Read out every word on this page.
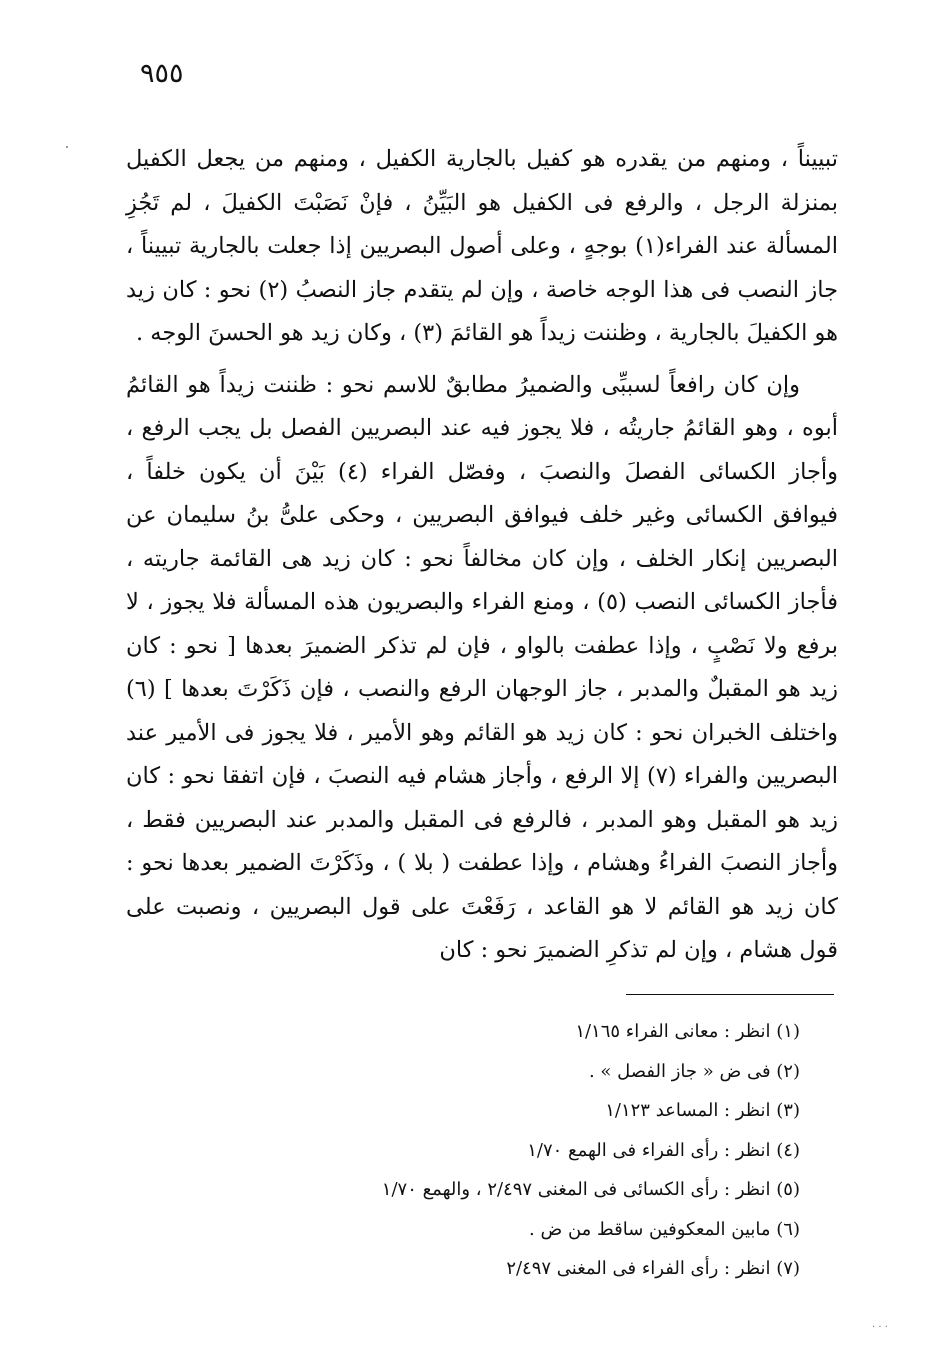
٩٥٥

تبييناً ، ومنهم من يقدره هو كفيل بالجارية الكفيل ، ومنهم من يجعل الكفيل بمنزلة الرجل ، والرفع فى الكفيل هو البَيِّنُ ، فإنْ نَصَبْتَ الكفيلَ ، لم تَجُزِ المسألة عند الفراء(١) بوجهٍ ، وعلى أصول البصريين إذا جعلت بالجارية تبييناً ، جاز النصب فى هذا الوجه خاصة ، وإن لم يتقدم جاز النصبُ (٢) نحو : كان زيد هو الكفيلَ بالجارية ، وظننت زيداً هو القائمَ (٣) ، وكان زيد هو الحسنَ الوجه .

وإن كان رافعاً لسببِّى والضميرُ مطابقٌ للاسم نحو : ظننت زيداً هو القائمُ أبوه ، وهو القائمُ جاريتُه ، فلا يجوز فيه عند البصريين الفصل بل يجب الرفع ، وأجاز الكسائى الفصلَ والنصبَ ، وفصّل الفراء (٤) بَيْنَ أن يكون خلفاً ، فيوافق الكسائى وغير خلف فيوافق البصريين ، وحكى علىُّ بنُ سليمان عن البصريين إنكار الخلف ، وإن كان مخالفاً نحو : كان زيد هى القائمة جاريته ، فأجاز الكسائى النصب (٥) ، ومنع الفراء والبصريون هذه المسألة فلا يجوز ، لا برفع ولا نَصْبٍ ، وإذا عطفت بالواو ، فإن لم تذكر الضميرَ بعدها [ نحو : كان زيد هو المقبلٌ والمدبر ، جاز الوجهان الرفع والنصب ، فإن ذَكَرْتَ بعدها ] (٦) واختلف الخبران نحو : كان زيد هو القائم وهو الأمير ، فلا يجوز فى الأمير عند البصريين والفراء (٧) إلا الرفع ، وأجاز هشام فيه النصبَ ، فإن اتفقا نحو : كان زيد هو المقبل وهو المدبر ، فالرفع فى المقبل والمدبر عند البصريين فقط ، وأجاز النصبَ الفراءُ وهشام ، وإذا عطفت ( بلا ) ، وذَكَرْتَ الضمير بعدها نحو : كان زيد هو القائم لا هو القاعد ، رَفَعْتَ على قول البصريين ، ونصبت على قول هشام ، وإن لم تذكرِ الضميرَ نحو : كان

(١) انظر : معانى الفراء ١/١٦٥
(٢) فى ض « جاز الفصل » .
(٣) انظر : المساعد ١/١٢٣
(٤) انظر : رأى الفراء فى الهمع ١/٧٠
(٥) انظر : رأى الكسائى فى المغنى ٢/٤٩٧ ، والهمع ١/٧٠
(٦) مابين المعكوفين ساقط من ض .
(٧) انظر : رأى الفراء فى المغنى ٢/٤٩٧
· · ·
